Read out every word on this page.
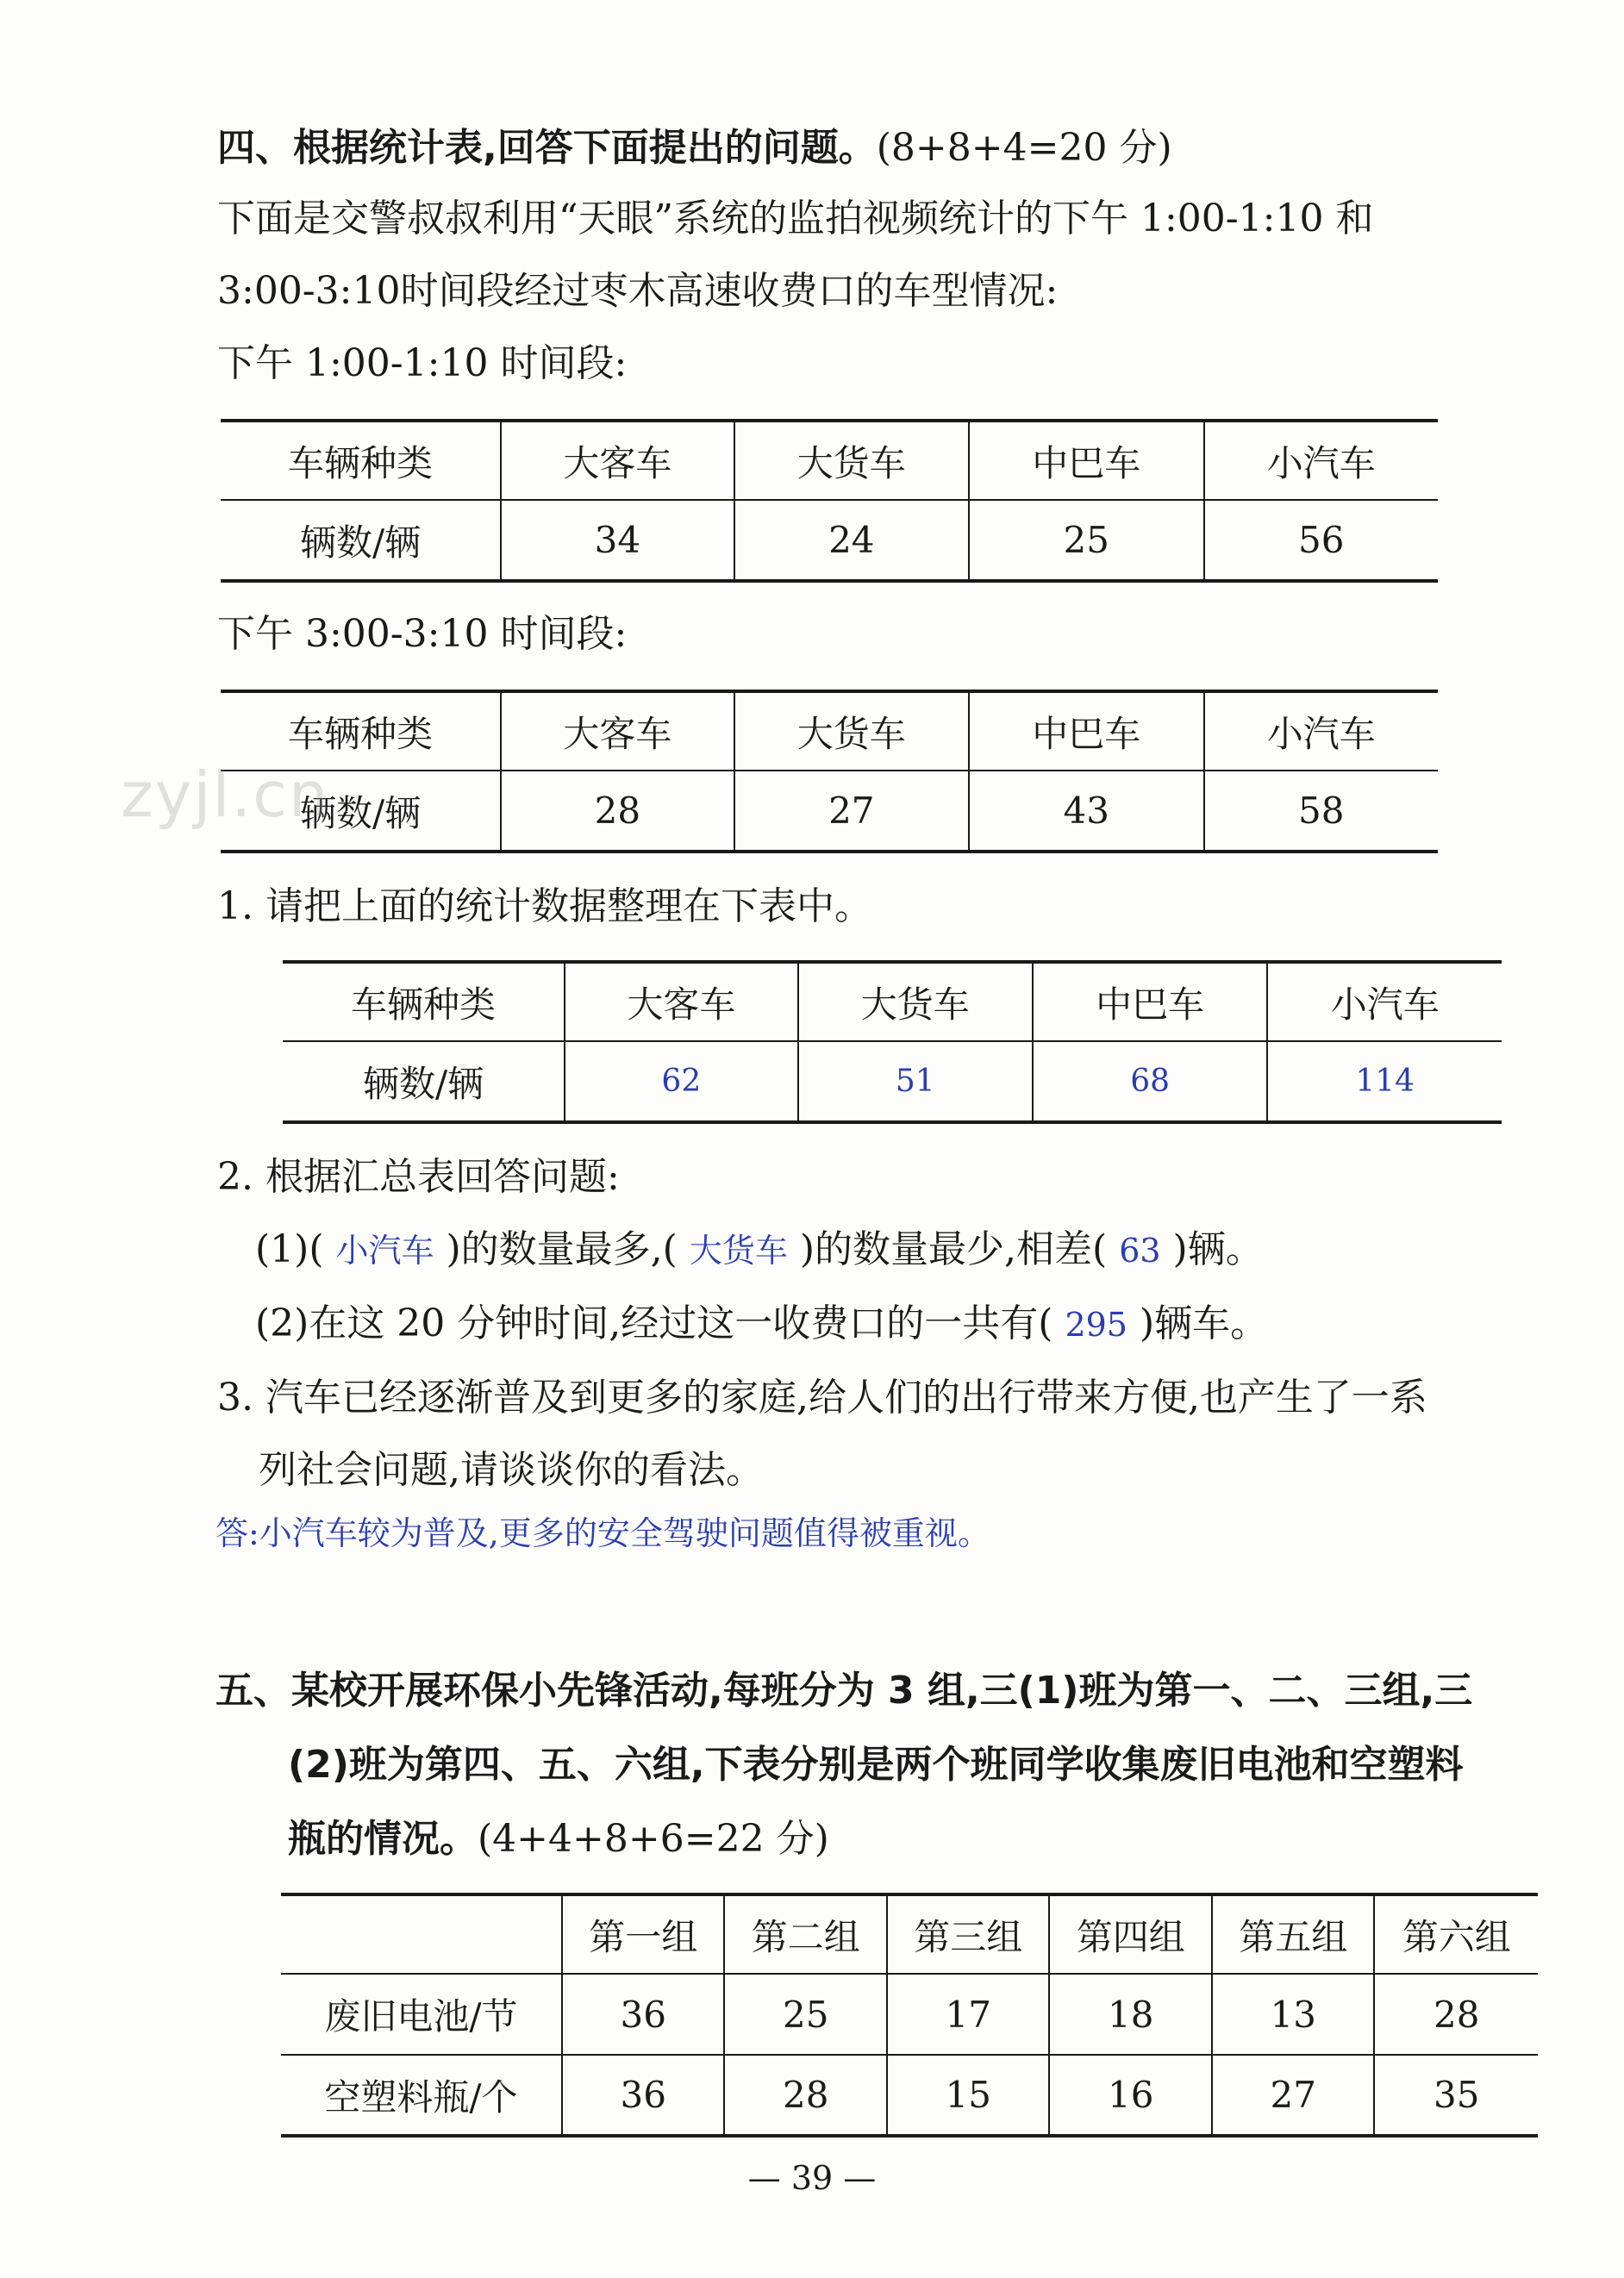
四、根据统计表,回答下面提出的问题。(8+8+4=20 分)
下面是交警叔叔利用“天眼”系统的监拍视频统计的下午 1:00-1:10 和
3:00-3:10时间段经过枣木高速收费口的车型情况:
下午 1:00-1:10 时间段:
车辆种类	大客车	大货车	中巴车	小汽车
辆数/辆	34	24	25	56
下午 3:00-3:10 时间段:
车辆种类	大客车	大货车	中巴车	小汽车
辆数/辆	28	27	43	58
zyjl.cn
1. 请把上面的统计数据整理在下表中。
车辆种类	大客车	大货车	中巴车	小汽车
辆数/辆	62	51	68	114
2. 根据汇总表回答问题:
(1)( 小汽车 )的数量最多,( 大货车 )的数量最少,相差( 63 )辆。
(2)在这 20 分钟时间,经过这一收费口的一共有( 295 )辆车。
3. 汽车已经逐渐普及到更多的家庭,给人们的出行带来方便,也产生了一系
列社会问题,请谈谈你的看法。
答:小汽车较为普及,更多的安全驾驶问题值得被重视。
五、某校开展环保小先锋活动,每班分为 3 组,三(1)班为第一、二、三组,三
(2)班为第四、五、六组,下表分别是两个班同学收集废旧电池和空塑料
瓶的情况。(4+4+8+6=22 分)
	第一组	第二组	第三组	第四组	第五组	第六组
废旧电池/节	36	25	17	18	13	28
空塑料瓶/个	36	28	15	16	27	35
— 39 —
